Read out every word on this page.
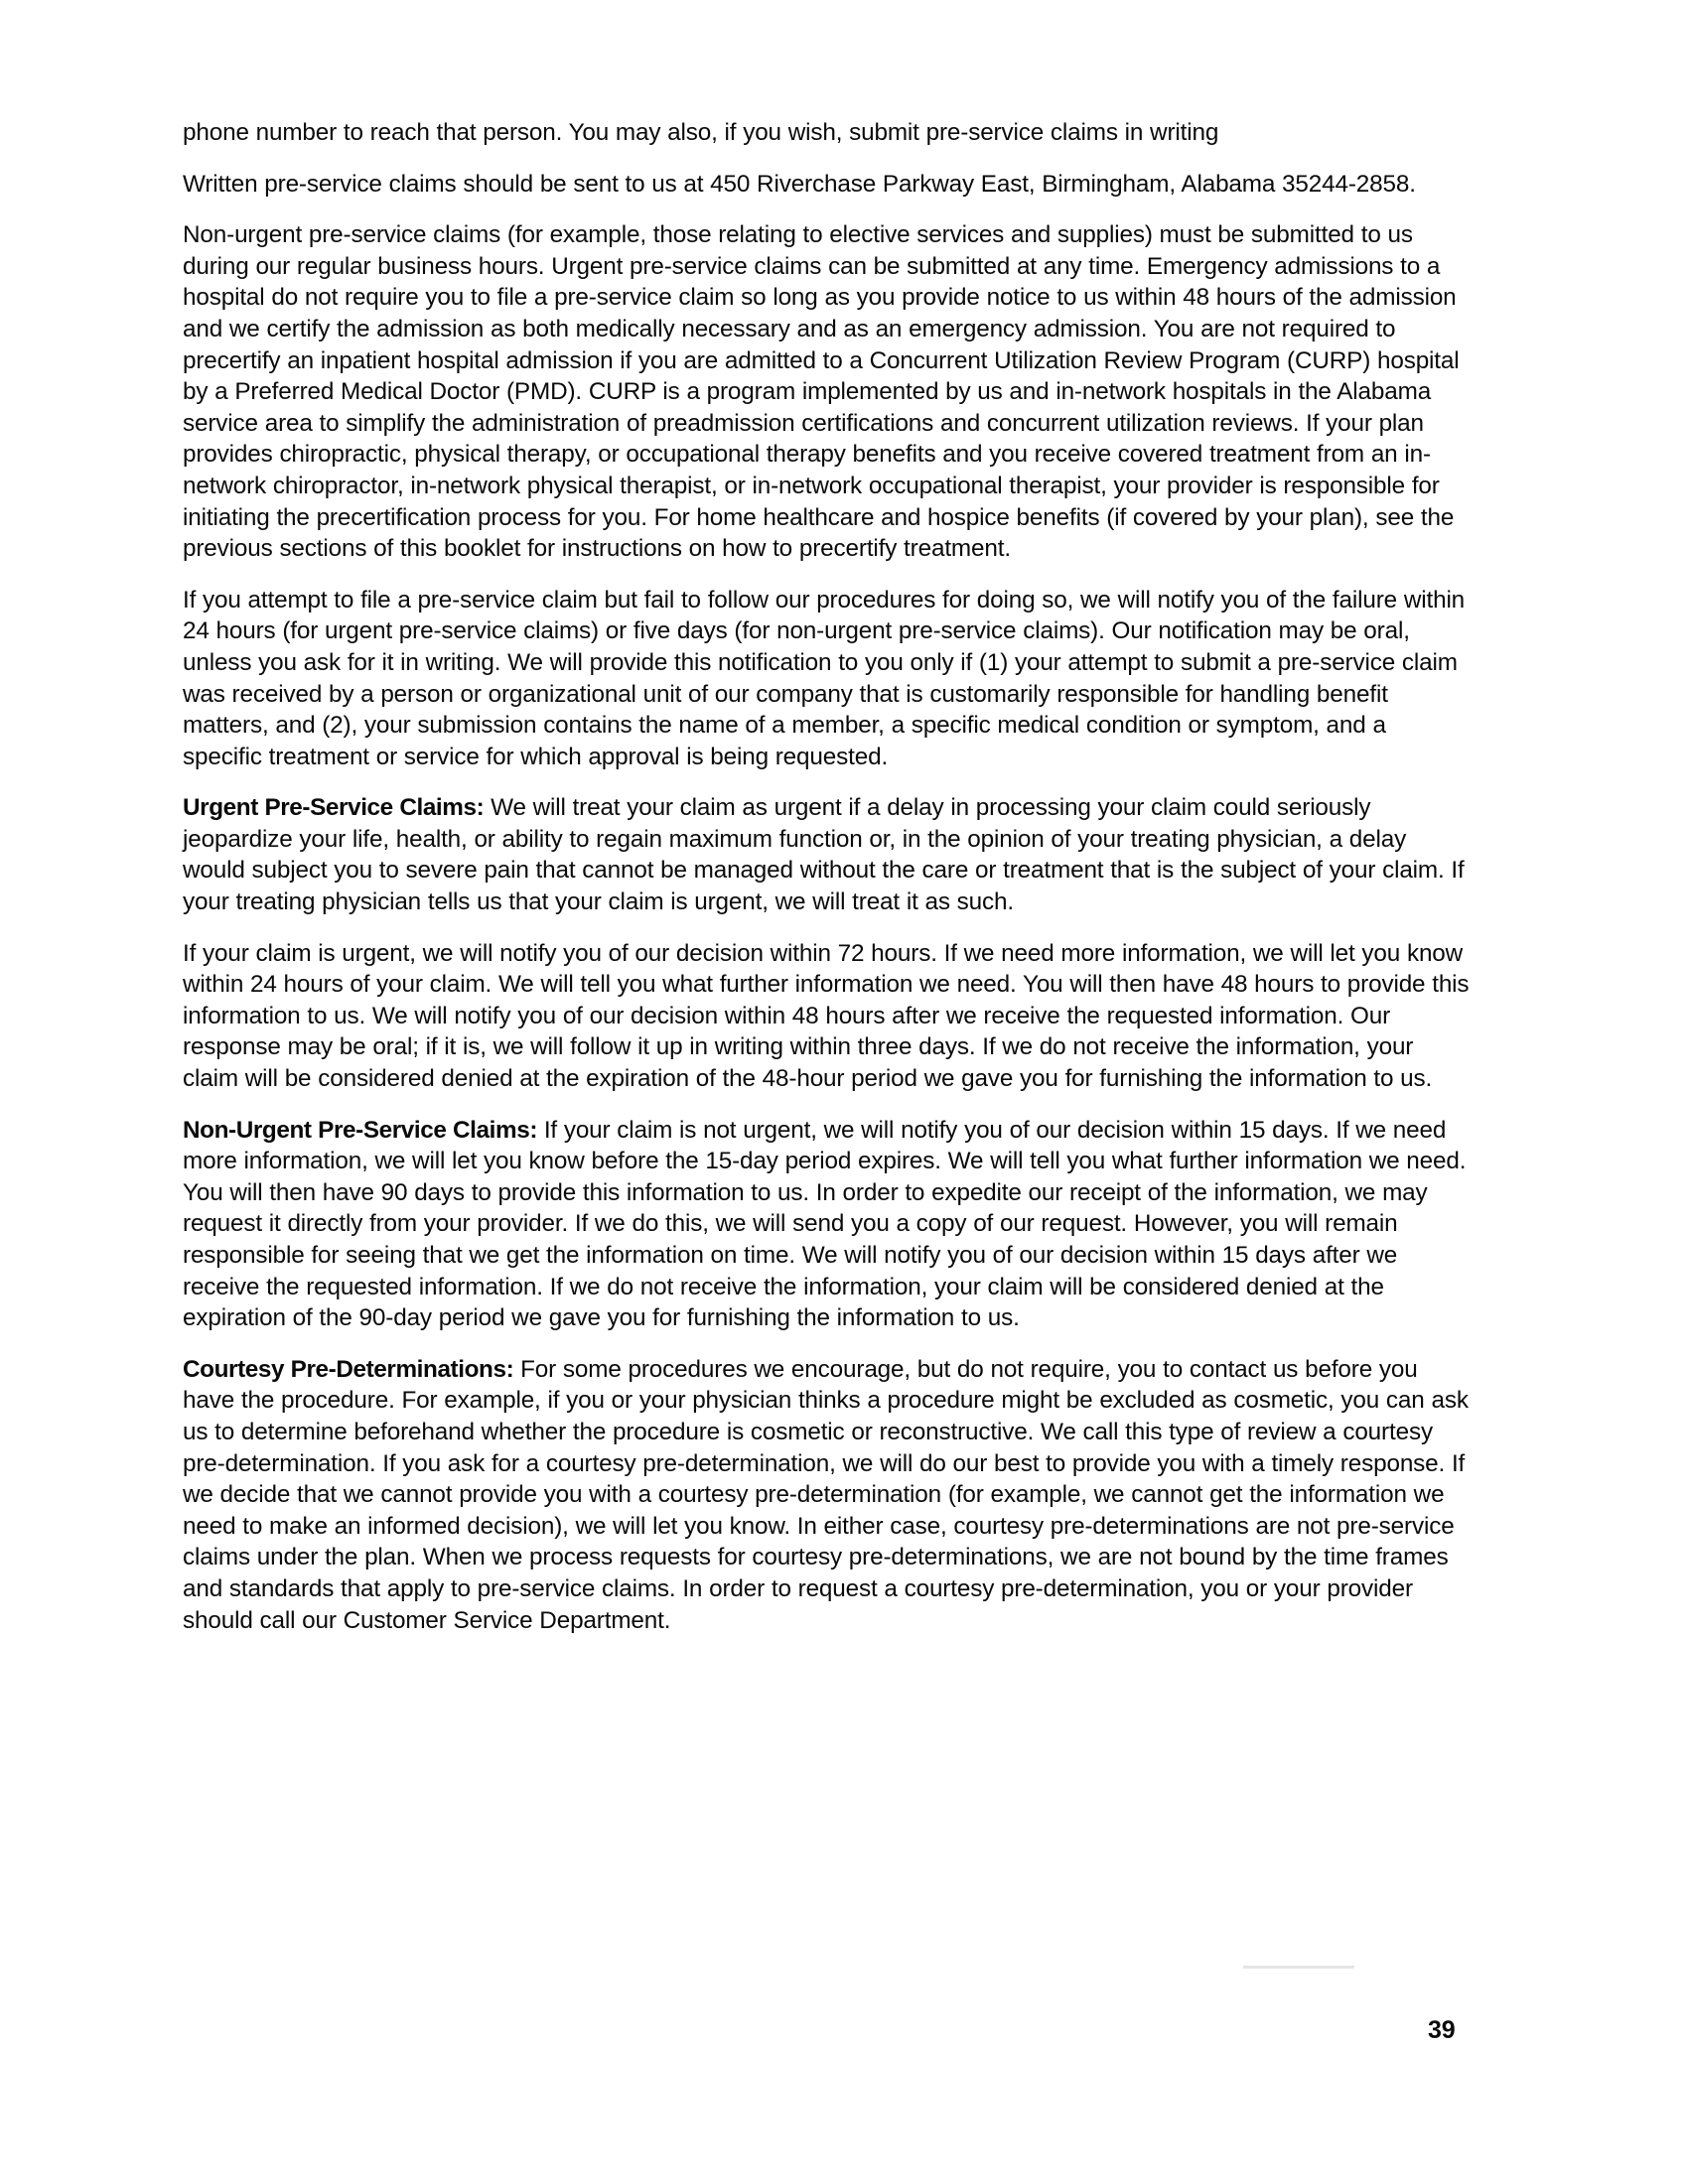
phone number to reach that person. You may also, if you wish, submit pre-service claims in writing

Written pre-service claims should be sent to us at 450 Riverchase Parkway East, Birmingham, Alabama 35244-2858.

Non-urgent pre-service claims (for example, those relating to elective services and supplies) must be submitted to us during our regular business hours. Urgent pre-service claims can be submitted at any time. Emergency admissions to a hospital do not require you to file a pre-service claim so long as you provide notice to us within 48 hours of the admission and we certify the admission as both medically necessary and as an emergency admission. You are not required to precertify an inpatient hospital admission if you are admitted to a Concurrent Utilization Review Program (CURP) hospital by a Preferred Medical Doctor (PMD). CURP is a program implemented by us and in-network hospitals in the Alabama service area to simplify the administration of preadmission certifications and concurrent utilization reviews. If your plan provides chiropractic, physical therapy, or occupational therapy benefits and you receive covered treatment from an in-network chiropractor, in-network physical therapist, or in-network occupational therapist, your provider is responsible for initiating the precertification process for you. For home healthcare and hospice benefits (if covered by your plan), see the previous sections of this booklet for instructions on how to precertify treatment.

If you attempt to file a pre-service claim but fail to follow our procedures for doing so, we will notify you of the failure within 24 hours (for urgent pre-service claims) or five days (for non-urgent pre-service claims). Our notification may be oral, unless you ask for it in writing. We will provide this notification to you only if (1) your attempt to submit a pre-service claim was received by a person or organizational unit of our company that is customarily responsible for handling benefit matters, and (2), your submission contains the name of a member, a specific medical condition or symptom, and a specific treatment or service for which approval is being requested.

Urgent Pre-Service Claims: We will treat your claim as urgent if a delay in processing your claim could seriously jeopardize your life, health, or ability to regain maximum function or, in the opinion of your treating physician, a delay would subject you to severe pain that cannot be managed without the care or treatment that is the subject of your claim. If your treating physician tells us that your claim is urgent, we will treat it as such.

If your claim is urgent, we will notify you of our decision within 72 hours. If we need more information, we will let you know within 24 hours of your claim. We will tell you what further information we need. You will then have 48 hours to provide this information to us. We will notify you of our decision within 48 hours after we receive the requested information. Our response may be oral; if it is, we will follow it up in writing within three days. If we do not receive the information, your claim will be considered denied at the expiration of the 48-hour period we gave you for furnishing the information to us.

Non-Urgent Pre-Service Claims: If your claim is not urgent, we will notify you of our decision within 15 days. If we need more information, we will let you know before the 15-day period expires. We will tell you what further information we need. You will then have 90 days to provide this information to us. In order to expedite our receipt of the information, we may request it directly from your provider. If we do this, we will send you a copy of our request. However, you will remain responsible for seeing that we get the information on time. We will notify you of our decision within 15 days after we receive the requested information. If we do not receive the information, your claim will be considered denied at the expiration of the 90-day period we gave you for furnishing the information to us.

Courtesy Pre-Determinations: For some procedures we encourage, but do not require, you to contact us before you have the procedure. For example, if you or your physician thinks a procedure might be excluded as cosmetic, you can ask us to determine beforehand whether the procedure is cosmetic or reconstructive. We call this type of review a courtesy pre-determination. If you ask for a courtesy pre-determination, we will do our best to provide you with a timely response. If we decide that we cannot provide you with a courtesy pre-determination (for example, we cannot get the information we need to make an informed decision), we will let you know. In either case, courtesy pre-determinations are not pre-service claims under the plan. When we process requests for courtesy pre-determinations, we are not bound by the time frames and standards that apply to pre-service claims. In order to request a courtesy pre-determination, you or your provider should call our Customer Service Department.

39
